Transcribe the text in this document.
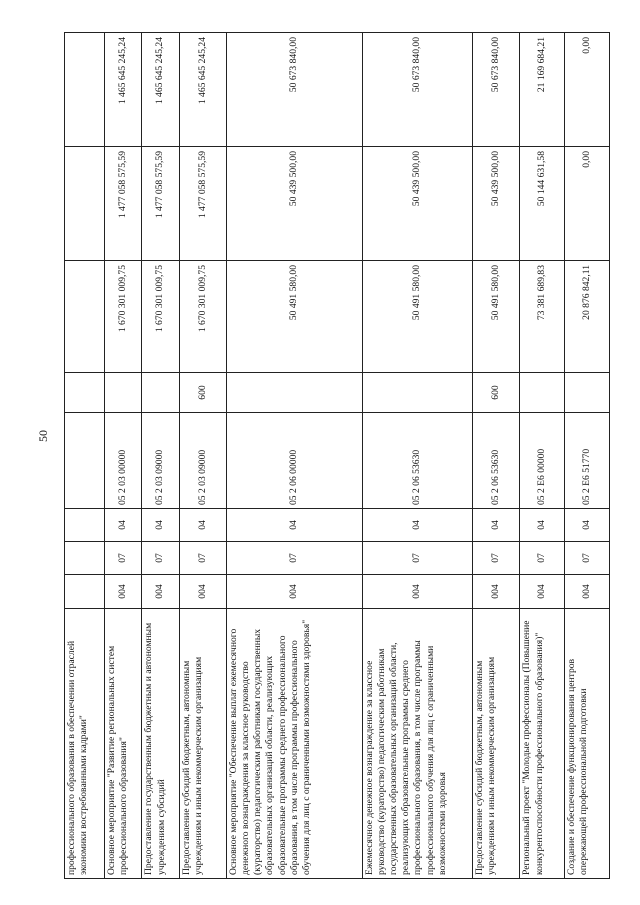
50
профессионального образования в обеспечении отраслей экономики востребованными кадрами"								
Основное мероприятие "Развитие региональных систем профессионального образования"	004	07	04	05 2 03 00000		1 670 301 009,75	1 477 058 575,59	1 465 645 245,24
Предоставление государственным бюджетным и автономным учреждениям субсидий	004	07	04	05 2 03 09000		1 670 301 009,75	1 477 058 575,59	1 465 645 245,24
Предоставление субсидий бюджетным, автономным учреждениям и иным некоммерческим организациям	004	07	04	05 2 03 09000	600	1 670 301 009,75	1 477 058 575,59	1 465 645 245,24
Основное мероприятие "Обеспечение выплат ежемесячного денежного вознаграждения за классное руководство (кураторство) педагогическим работникам государственных образовательных организаций области, реализующих образовательные программы среднего профессионального образования, в том числе программы профессионального обучения для лиц с ограниченными возможностями здоровья"	004	07	04	05 2 06 00000		50 491 580,00	50 439 500,00	50 673 840,00
Ежемесячное денежное вознаграждение за классное руководство (кураторство) педагогическим работникам государственных образовательных организаций области, реализующих образовательные программы среднего профессионального образования, в том числе программы профессионального обучения для лиц с ограниченными возможностями здоровья	004	07	04	05 2 06 53630		50 491 580,00	50 439 500,00	50 673 840,00
Предоставление субсидий бюджетным, автономным учреждениям и иным некоммерческим организациям	004	07	04	05 2 06 53630	600	50 491 580,00	50 439 500,00	50 673 840,00
Региональный проект "Молодые профессионалы (Повышение конкурентоспособности профессионального образования)"	004	07	04	05 2 Е6 00000		73 381 689,83	50 144 631,58	21 169 684,21
Создание и обеспечение функционирования центров опережающей профессиональной подготовки	004	07	04	05 2 Е6 51770		20 876 842,11	0,00	0,00
